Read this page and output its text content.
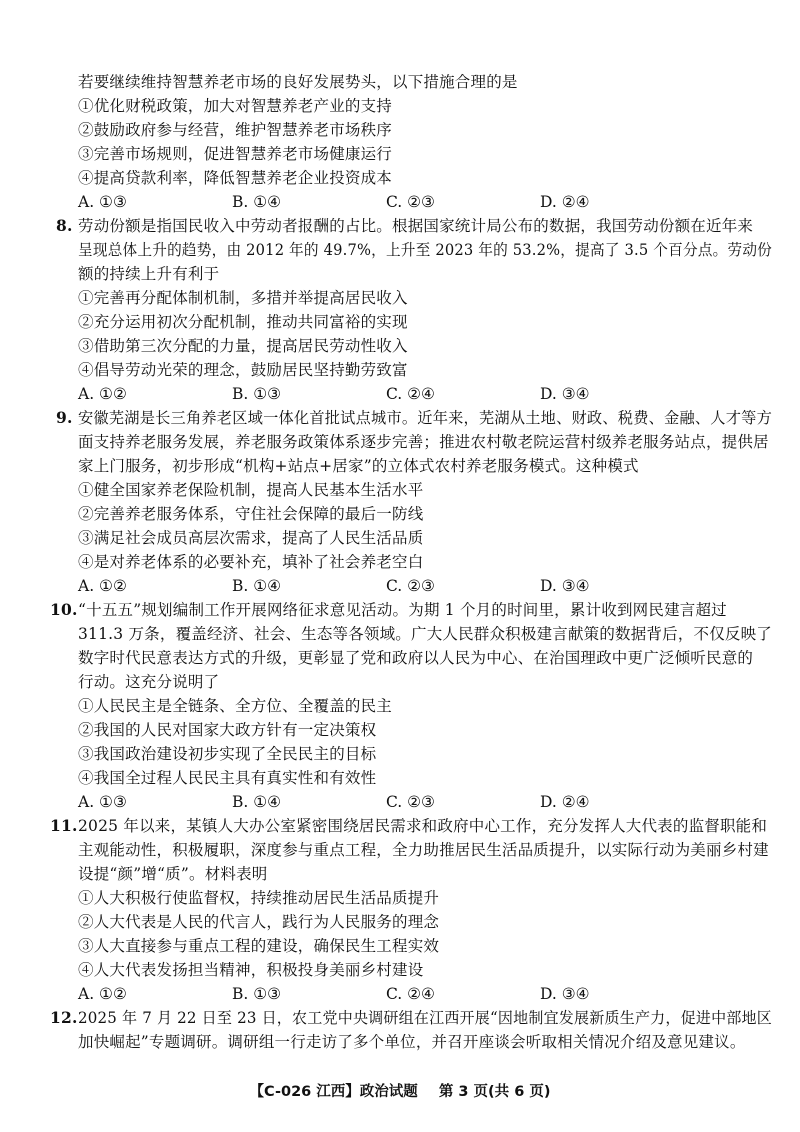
若要继续维持智慧养老市场的良好发展势头，以下措施合理的是
①优化财税政策，加大对智慧养老产业的支持
②鼓励政府参与经营，维护智慧养老市场秩序
③完善市场规则，促进智慧养老市场健康运行
④提高贷款利率，降低智慧养老企业投资成本
A. ①③	B. ①④	C. ②③	D. ②④
8. 劳动份额是指国民收入中劳动者报酬的占比。根据国家统计局公布的数据，我国劳动份额在近年来
呈现总体上升的趋势，由 2012 年的 49.7%，上升至 2023 年的 53.2%，提高了 3.5 个百分点。劳动份
额的持续上升有利于
①完善再分配体制机制，多措并举提高居民收入
②充分运用初次分配机制，推动共同富裕的实现
③借助第三次分配的力量，提高居民劳动性收入
④倡导劳动光荣的理念，鼓励居民坚持勤劳致富
A. ①②	B. ①③	C. ②④	D. ③④
9. 安徽芜湖是长三角养老区域一体化首批试点城市。近年来，芜湖从土地、财政、税费、金融、人才等方
面支持养老服务发展，养老服务政策体系逐步完善；推进农村敬老院运营村级养老服务站点，提供居
家上门服务，初步形成“机构+站点+居家”的立体式农村养老服务模式。这种模式
①健全国家养老保险机制，提高人民基本生活水平
②完善养老服务体系，守住社会保障的最后一防线
③满足社会成员高层次需求，提高了人民生活品质
④是对养老体系的必要补充，填补了社会养老空白
A. ①②	B. ①④	C. ②③	D. ③④
10. “十五五”规划编制工作开展网络征求意见活动。为期 1 个月的时间里，累计收到网民建言超过
311.3 万条，覆盖经济、社会、生态等各领域。广大人民群众积极建言献策的数据背后，不仅反映了
数字时代民意表达方式的升级，更彰显了党和政府以人民为中心、在治国理政中更广泛倾听民意的
行动。这充分说明了
①人民民主是全链条、全方位、全覆盖的民主
②我国的人民对国家大政方针有一定决策权
③我国政治建设初步实现了全民民主的目标
④我国全过程人民民主具有真实性和有效性
A. ①③	B. ①④	C. ②③	D. ②④
11. 2025 年以来，某镇人大办公室紧密围绕居民需求和政府中心工作，充分发挥人大代表的监督职能和
主观能动性，积极履职，深度参与重点工程，全力助推居民生活品质提升，以实际行动为美丽乡村建
设提“颜”增“质”。材料表明
①人大积极行使监督权，持续推动居民生活品质提升
②人大代表是人民的代言人，践行为人民服务的理念
③人大直接参与重点工程的建设，确保民生工程实效
④人大代表发扬担当精神，积极投身美丽乡村建设
A. ①②	B. ①③	C. ②④	D. ③④
12. 2025 年 7 月 22 日至 23 日，农工党中央调研组在江西开展“因地制宜发展新质生产力，促进中部地区
加快崛起”专题调研。调研组一行走访了多个单位，并召开座谈会听取相关情况介绍及意见建议。
【C-026 江西】政治试题 第 3 页(共 6 页)
